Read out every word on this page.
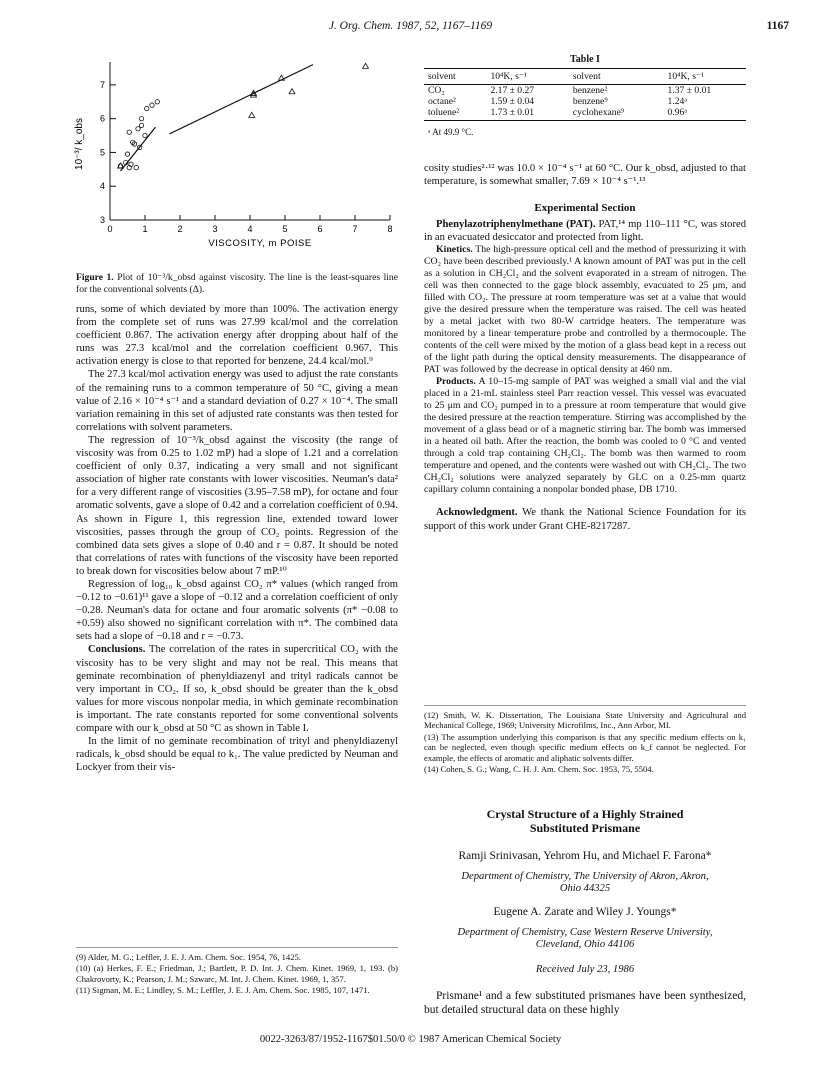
J. Org. Chem. 1987, 52, 1167–1169	1167
0	1	2	3	4	5	6	7	8
3
4
5
6
7
VISCOSITY, m POISE
10⁻³/ k_obs
Figure 1. Plot of 10⁻³/k_obsd against viscosity. The line is the least-squares line for the conventional solvents (Δ).

runs, some of which deviated by more than 100%. The activation energy from the complete set of runs was 27.99 kcal/mol and the correlation coefficient 0.867. The activation energy after dropping about half of the runs was 27.3 kcal/mol and the correlation coefficient 0.967. This activation energy is close to that reported for benzene, 24.4 kcal/mol.⁹

The 27.3 kcal/mol activation energy was used to adjust the rate constants of the remaining runs to a common temperature of 50 °C, giving a mean value of 2.16 × 10⁻⁴ s⁻¹ and a standard deviation of 0.27 × 10⁻⁴. The small variation remaining in this set of adjusted rate constants was then tested for correlations with solvent parameters.

The regression of 10⁻³/k_obsd against the viscosity (the range of viscosity was from 0.25 to 1.02 mP) had a slope of 1.21 and a correlation coefficient of only 0.37, indicating a very small and not significant association of higher rate constants with lower viscosities. Neuman's data² for a very different range of viscosities (3.95–7.58 mP), for octane and four aromatic solvents, gave a slope of 0.42 and a correlation coefficient of 0.94. As shown in Figure 1, this regression line, extended toward lower viscosities, passes through the group of CO₂ points. Regression of the combined data sets gives a slope of 0.40 and r = 0.87. It should be noted that correlations of rates with functions of the viscosity have been reported to break down for viscosities below about 7 mP.¹⁰

Regression of log₁₀ k_obsd against CO₂ π* values (which ranged from −0.12 to −0.61)¹¹ gave a slope of −0.12 and a correlation coefficient of only −0.28. Neuman's data for octane and four aromatic solvents (π* −0.08 to +0.59) also showed no significant correlation with π*. The combined data sets had a slope of −0.18 and r = −0.73.

Conclusions. The correlation of the rates in supercritical CO₂ with the viscosity has to be very slight and may not be real. This means that geminate recombination of phenyldiazenyl and trityl radicals cannot be very important in CO₂. If so, k_obsd should be greater than the k_obsd values for more viscous nonpolar media, in which geminate recombination is important. The rate constants reported for some conventional solvents compare with our k_obsd at 50 °C as shown in Table I.

In the limit of no geminate recombination of trityl and phenyldiazenyl radicals, k_obsd should be equal to k₁. The value predicted by Neuman and Lockyer from their vis-

(9) Alder, M. G.; Leffler, J. E. J. Am. Chem. Soc. 1954, 76, 1425.

(10) (a) Herkes, F. E.; Friedman, J.; Bartlett, P. D. Int. J. Chem. Kinet. 1969, 1, 193. (b) Chakrovorty, K.; Pearson, J. M.; Szwarc, M. Int. J. Chem. Kinet. 1969, 1, 357.

(11) Sigman, M. E.; Lindley, S. M.; Leffler, J. E. J. Am. Chem. Soc. 1985, 107, 1471.

Table I
solvent	10⁴K, s⁻¹	solvent	10⁴K, s⁻¹
CO₂	2.17 ± 0.27	benzene²	1.37 ± 0.01
octane²	1.59 ± 0.04	benzene⁹	1.24ᵃ
toluene²	1.73 ± 0.01	cyclohexane⁹	0.96ᵃ
ᵃ At 49.9 °C.

cosity studies²·¹² was 10.0 × 10⁻⁴ s⁻¹ at 60 °C. Our k_obsd, adjusted to that temperature, is somewhat smaller, 7.69 × 10⁻⁴ s⁻¹.¹³

Experimental Section

Phenylazotriphenylmethane (PAT). PAT,¹⁴ mp 110–111 °C, was stored in an evacuated desiccator and protected from light.

Kinetics. The high-pressure optical cell and the method of pressurizing it with CO₂ have been described previously.¹ A known amount of PAT was put in the cell as a solution in CH₂Cl₂ and the solvent evaporated in a stream of nitrogen. The cell was then connected to the gage block assembly, evacuated to 25 μm, and filled with CO₂. The pressure at room temperature was set at a value that would give the desired pressure when the temperature was raised. The cell was heated by a metal jacket with two 80-W cartridge heaters. The temperature was monitored by a linear temperature probe and controlled by a thermocouple. The contents of the cell were mixed by the motion of a glass bead kept in a recess out of the light path during the optical density measurements. The disappearance of PAT was followed by the decrease in optical density at 460 nm.

Products. A 10–15-mg sample of PAT was weighed a small vial and the vial placed in a 21-mL stainless steel Parr reaction vessel. This vessel was evacuated to 25 μm and CO₂ pumped in to a pressure at room temperature that would give the desired pressure at the reaction temperature. Stirring was accomplished by the movement of a glass bead or of a magnetic stirring bar. The bomb was immersed in a heated oil bath. After the reaction, the bomb was cooled to 0 °C and vented through a cold trap containing CH₂Cl₂. The bomb was then warmed to room temperature and opened, and the contents were washed out with CH₂Cl₂. The two CH₂Cl₂ solutions were analyzed separately by GLC on a 0.25-mm quartz capillary column containing a nonpolar bonded phase, DB 1710.

Acknowledgment. We thank the National Science Foundation for its support of this work under Grant CHE-8217287.

(12) Smith, W. K. Dissertation, The Louisiana State University and Agricultural and Mechanical College, 1969; University Microfilms, Inc., Ann Arbor, MI.

(13) The assumption underlying this comparison is that any specific medium effects on k₁ can be neglected, even though specific medium effects on k_f cannot be neglected. For example, the effects of aromatic and aliphatic solvents differ.

(14) Cohen, S. G.; Wang, C. H. J. Am. Chem. Soc. 1953, 75, 5504.

Crystal Structure of a Highly Strained
Substituted Prismane
Ramji Srinivasan, Yehrom Hu, and Michael F. Farona*
Department of Chemistry, The University of Akron, Akron,
Ohio 44325
Eugene A. Zarate and Wiley J. Youngs*
Department of Chemistry, Case Western Reserve University,
Cleveland, Ohio 44106
Received July 23, 1986
Prismane¹ and a few substituted prismanes have been synthesized, but detailed structural data on these highly
0022-3263/87/1952-1167$01.50/0 © 1987 American Chemical Society
